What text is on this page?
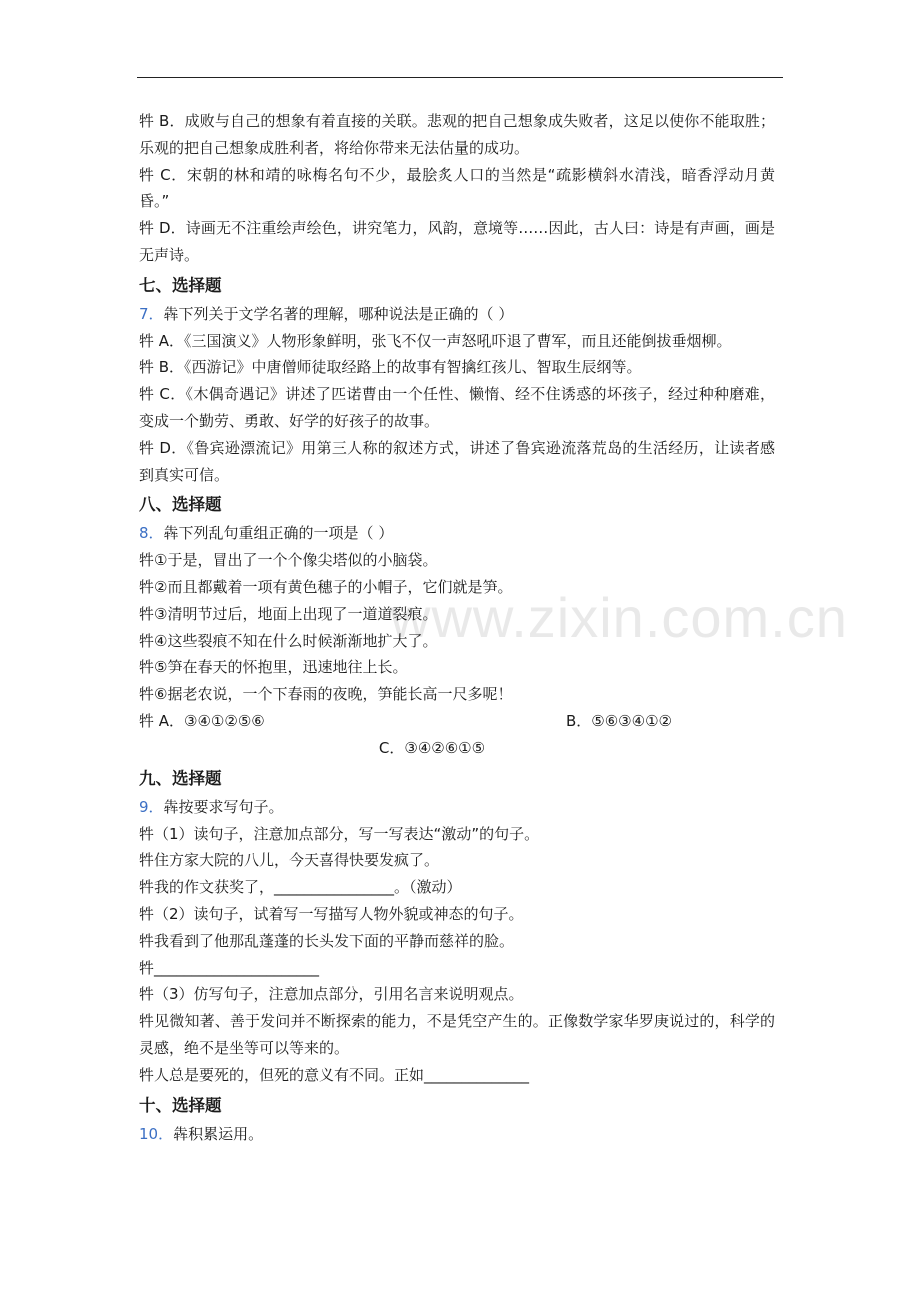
www.zixin.com.cn
牪 B．成败与自己的想象有着直接的关联。悲观的把自己想象成失败者，这足以使你不能取胜；乐观的把自己想象成胜利者，将给你带来无法估量的成功。
牪 C．宋朝的林和靖的咏梅名句不少，最脍炙人口的当然是“疏影横斜水清浅，暗香浮动月黄昏。”
牪 D．诗画无不注重绘声绘色，讲究笔力，风韵，意境等……因此，古人曰：诗是有声画，画是无声诗。
七、选择题
7．犇下列关于文学名著的理解，哪种说法是正确的（ ）
牪 A．《三国演义》人物形象鲜明，张飞不仅一声怒吼吓退了曹军，而且还能倒拔垂烟柳。
牪 B．《西游记》中唐僧师徒取经路上的故事有智擒红孩儿、智取生辰纲等。
牪 C．《木偶奇遇记》讲述了匹诺曹由一个任性、懒惰、经不住诱惑的坏孩子，经过种种磨难，变成一个勤劳、勇敢、好学的好孩子的故事。
牪 D．《鲁宾逊漂流记》用第三人称的叙述方式，讲述了鲁宾逊流落荒岛的生活经历，让读者感到真实可信。
八、选择题
8．犇下列乱句重组正确的一项是（ ）
牪①于是，冒出了一个个像尖塔似的小脑袋。
牪②而且都戴着一项有黄色穗子的小帽子，它们就是笋。
牪③清明节过后，地面上出现了一道道裂痕。
牪④这些裂痕不知在什么时候渐渐地扩大了。
牪⑤笋在春天的怀抱里，迅速地往上长。
牪⑥据老农说，一个下春雨的夜晚，笋能长高一尺多呢！
牪 A．③④①②⑤⑥	B．⑤⑥③④①②
C．③④②⑥①⑤
九、选择题
9．犇按要求写句子。
牪（1）读句子，注意加点部分，写一写表达“激动”的句子。
牪住方家大院的八儿，今天喜得快要发疯了。
牪我的作文获奖了，________________。（激动）
牪（2）读句子，试着写一写描写人物外貌或神态的句子。
牪我看到了他那乱蓬蓬的长头发下面的平静而慈祥的脸。
牪______________________
牪（3）仿写句子，注意加点部分，引用名言来说明观点。
牪见微知著、善于发问并不断探索的能力，不是凭空产生的。正像数学家华罗庚说过的，科学的灵感，绝不是坐等可以等来的。
牪人总是要死的，但死的意义有不同。正如______________
十、选择题
10．犇积累运用。
